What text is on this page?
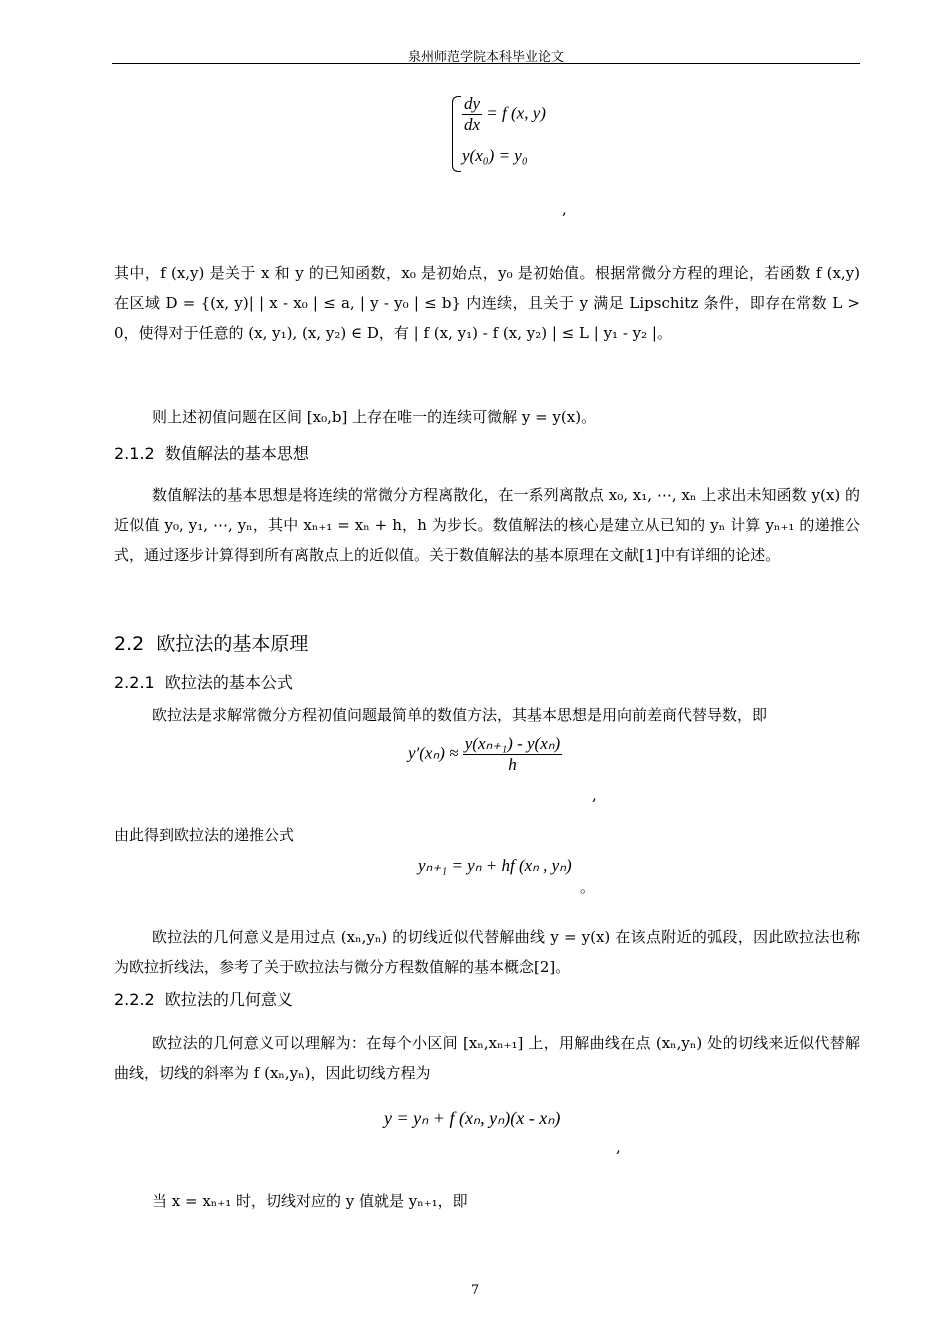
泉州师范学院本科毕业论文
$\frac{dy}{dx} = f$ (x, y)
y(x₀) = y₀
,
其中，f (x,y) 是关于 x 和 y 的已知函数，x₀ 是初始点，y₀ 是初始值。根据常微分方程的理论，若函数 f (x,y) 在区域 D = {(x, y)| | x - x₀ | ≤ a, | y - y₀ | ≤ b} 内连续，且关于 y 满足 Lipschitz 条件，即存在常数 L > 0，使得对于任意的 (x, y₁), (x, y₂) ∈ D，有 | f (x, y₁) - f (x, y₂) | ≤ L | y₁ - y₂ |。
则上述初值问题在区间 [x₀,b] 上存在唯一的连续可微解 y = y(x)。
2.1.2 数值解法的基本思想
数值解法的基本思想是将连续的常微分方程离散化，在一系列离散点 x₀, x₁, ⋯, xₙ 上求出未知函数 y(x) 的近似值 y₀, y₁, ⋯, yₙ，其中 xₙ₊₁ = xₙ + h，h 为步长。数值解法的核心是建立从已知的 yₙ 计算 yₙ₊₁ 的递推公式，通过逐步计算得到所有离散点上的近似值。关于数值解法的基本原理在文献[1]中有详细的论述。
2.2 欧拉法的基本原理
2.2.1 欧拉法的基本公式
欧拉法是求解常微分方程初值问题最简单的数值方法，其基本思想是用向前差商代替导数，即
$y'(x_n) \approx \frac{\text{y(xₙ₊₁) - y(xₙ)}}{h}$
,
由此得到欧拉法的递推公式
yₙ₊₁ = yₙ + hf (xₙ , yₙ)
。
欧拉法的几何意义是用过点 (xₙ,yₙ) 的切线近似代替解曲线 y = y(x) 在该点附近的弧段，因此欧拉法也称为欧拉折线法，参考了关于欧拉法与微分方程数值解的基本概念[2]。
2.2.2 欧拉法的几何意义
欧拉法的几何意义可以理解为：在每个小区间 [xₙ,xₙ₊₁] 上，用解曲线在点 (xₙ,yₙ) 处的切线来近似代替解曲线，切线的斜率为 f (xₙ,yₙ)，因此切线方程为
y = yₙ + f (xₙ, yₙ)(x - xₙ)
,
当 x = xₙ₊₁ 时，切线对应的 y 值就是 yₙ₊₁，即
7
